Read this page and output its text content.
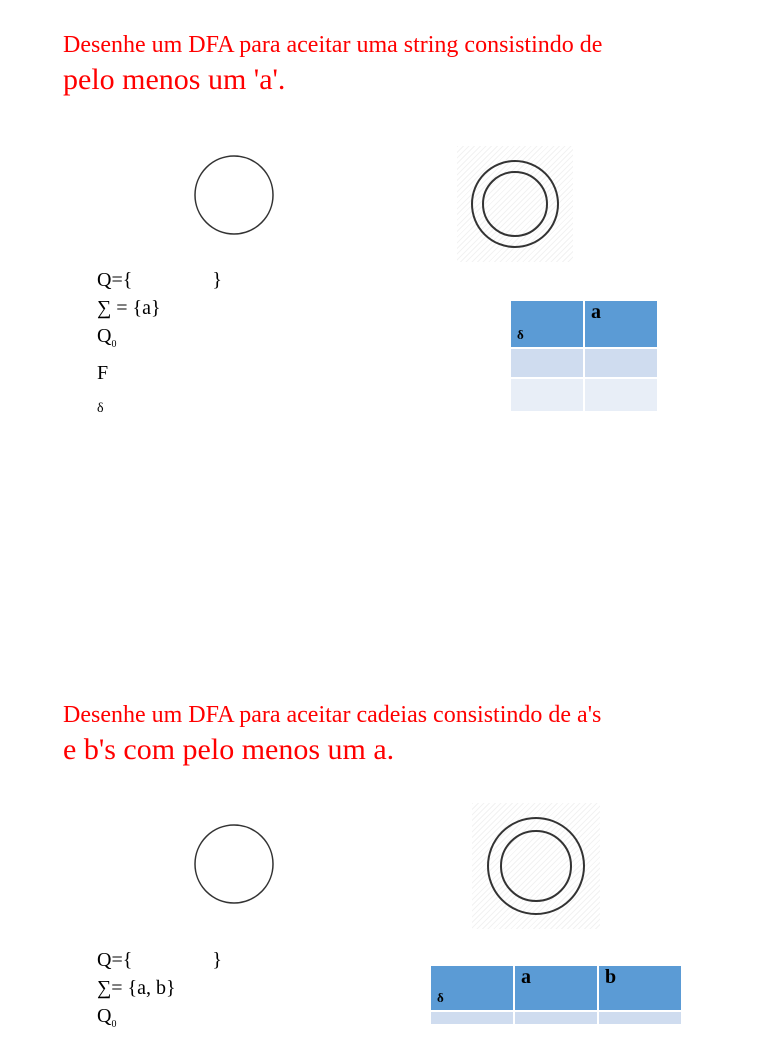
Desenhe um DFA para aceitar uma string consistindo de
pelo menos um 'a'.
Q={                }
∑ = {a}
$Q_0$
F
δ
δ	a

Desenhe um DFA para aceitar cadeias consistindo de a's
e b's com pelo menos um a.
Q={                }
∑= {a, b}
$Q_0$
δ	a	b
